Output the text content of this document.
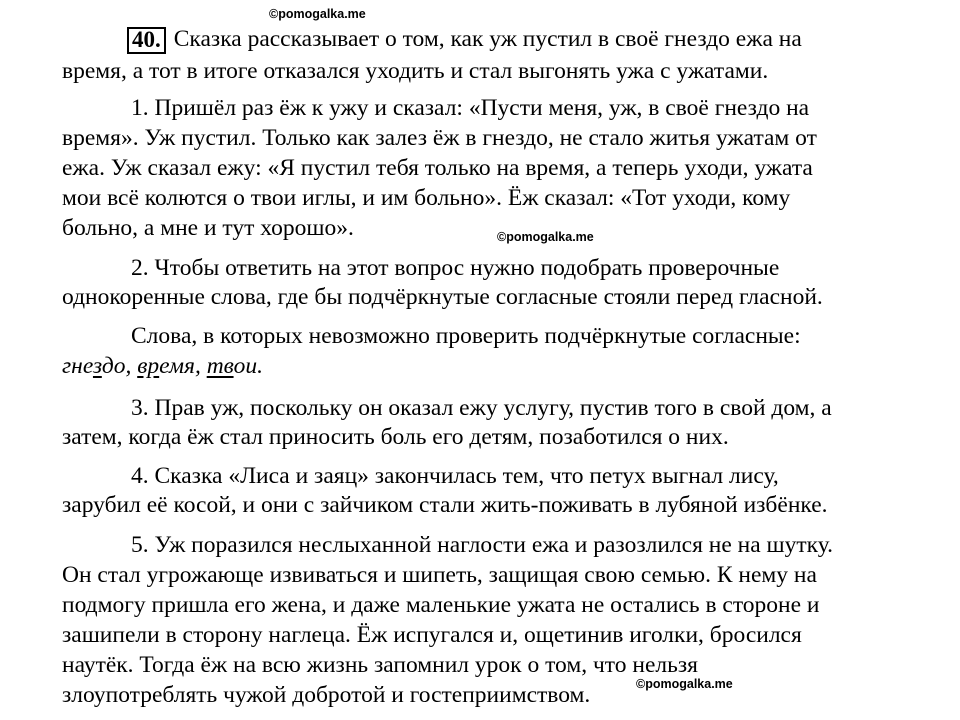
©pomogalka.me
©pomogalka.me
©pomogalka.me
40. Сказка рассказывает о том, как уж пустил в своё гнездо ежа на
время, а тот в итоге отказался уходить и стал выгонять ужа с ужатами.
1. Пришёл раз ёж к ужу и сказал: «Пусти меня, уж, в своё гнездо на
время». Уж пустил. Только как залез ёж в гнездо, не стало житья ужатам от
ежа. Уж сказал ежу: «Я пустил тебя только на время, а теперь уходи, ужата
мои всё колются о твои иглы, и им больно». Ёж сказал: «Тот уходи, кому
больно, а мне и тут хорошо».
2. Чтобы ответить на этот вопрос нужно подобрать проверочные
однокоренные слова, где бы подчёркнутые согласные стояли перед гласной.
Слова, в которых невозможно проверить подчёркнутые согласные:
гнездо, время, твои.
3. Прав уж, поскольку он оказал ежу услугу, пустив того в свой дом, а
затем, когда ёж стал приносить боль его детям, позаботился о них.
4. Сказка «Лиса и заяц» закончилась тем, что петух выгнал лису,
зарубил её косой, и они с зайчиком стали жить-поживать в лубяной избёнке.
5. Уж поразился неслыханной наглости ежа и разозлился не на шутку.
Он стал угрожающе извиваться и шипеть, защищая свою семью. К нему на
подмогу пришла его жена, и даже маленькие ужата не остались в стороне и
зашипели в сторону наглеца. Ёж испугался и, ощетинив иголки, бросился
наутёк. Тогда ёж на всю жизнь запомнил урок о том, что нельзя
злоупотреблять чужой добротой и гостеприимством.
